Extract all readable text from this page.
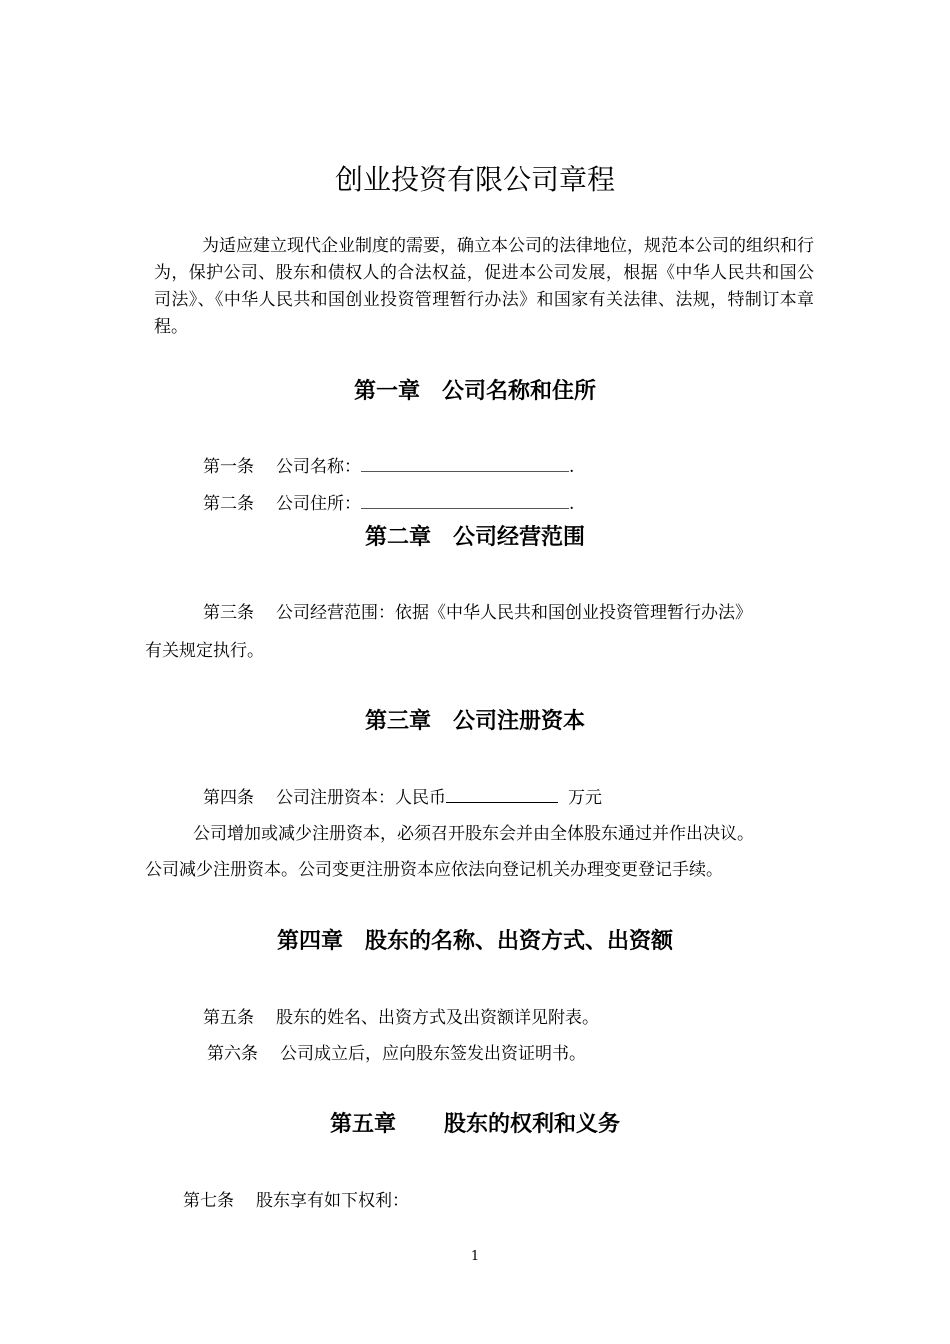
创业投资有限公司章程
为适应建立现代企业制度的需要，确立本公司的法律地位，规范本公司的组织和行为，保护公司、股东和债权人的合法权益，促进本公司发展，根据《中华人民共和国公司法》、《中华人民共和国创业投资管理暂行办法》和国家有关法律、法规，特制订本章程。
第一章 公司名称和住所
第一条 公司名称：	.
第二条 公司住所：	.
第二章 公司经营范围
第三条 公司经营范围：依据《中华人民共和国创业投资管理暂行办法》
有关规定执行。
第三章 公司注册资本
第四条 公司注册资本：人民币	万元
公司增加或减少注册资本，必须召开股东会并由全体股东通过并作出决议。
公司减少注册资本。公司变更注册资本应依法向登记机关办理变更登记手续。
第四章 股东的名称、出资方式、出资额
第五条 股东的姓名、出资方式及出资额详见附表。
第六条 公司成立后，应向股东签发出资证明书。
第五章 股东的权利和义务
第七条 股东享有如下权利：
1
